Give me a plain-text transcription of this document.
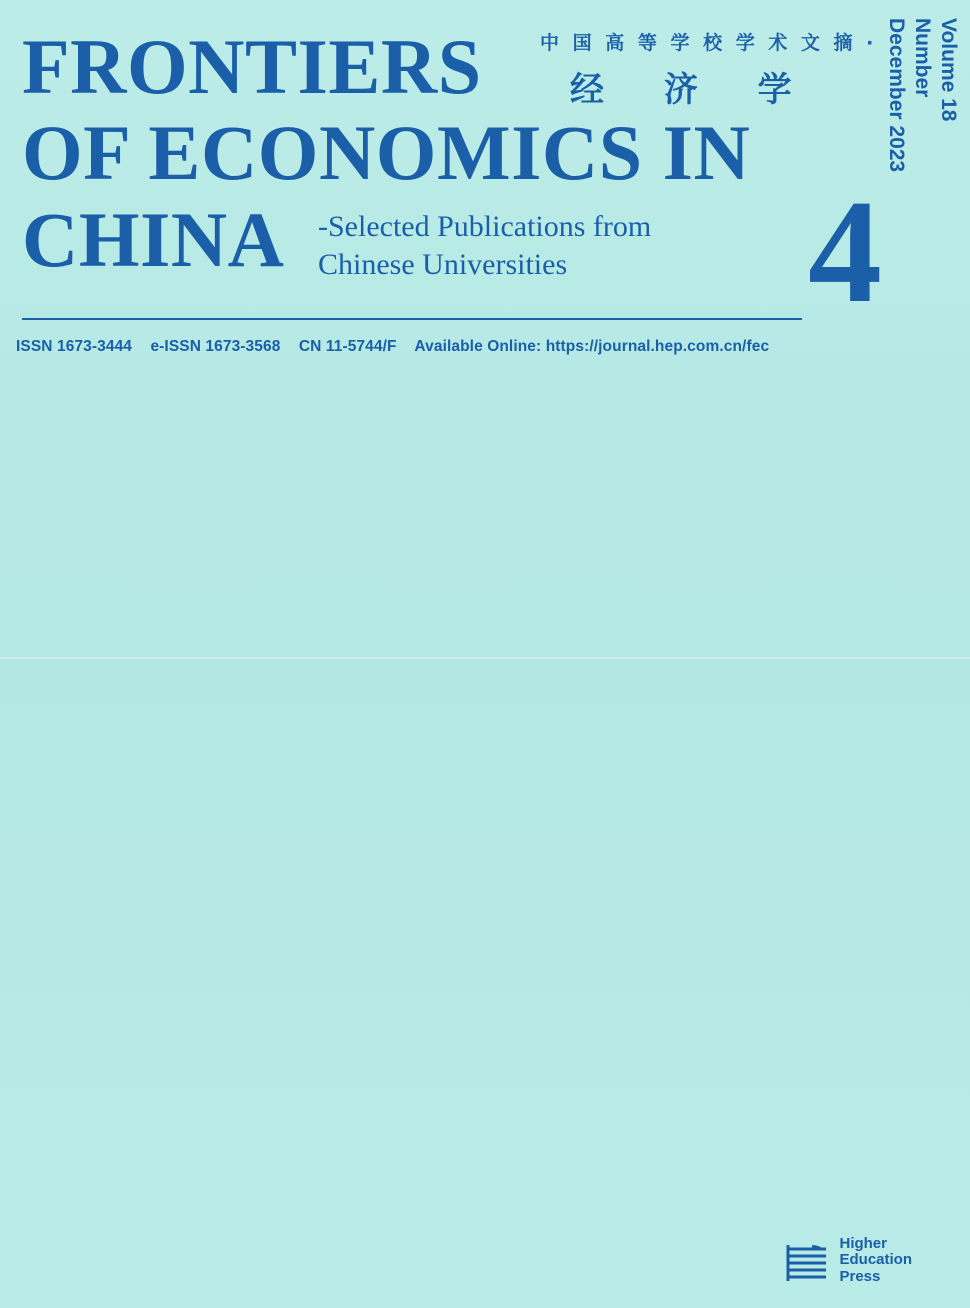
FRONTIERS
OF ECONOMICS IN
CHINA -Selected Publications from
Chinese Universities
中 国 高 等 学 校 学 术 文 摘 ·
经 济 学	December 2023 Number Volume 18
4
ISSN 1673-3444 e-ISSN 1673-3568 CN 11-5744/F Available Online: https://journal.hep.com.cn/fec
Higher
Education
Press
